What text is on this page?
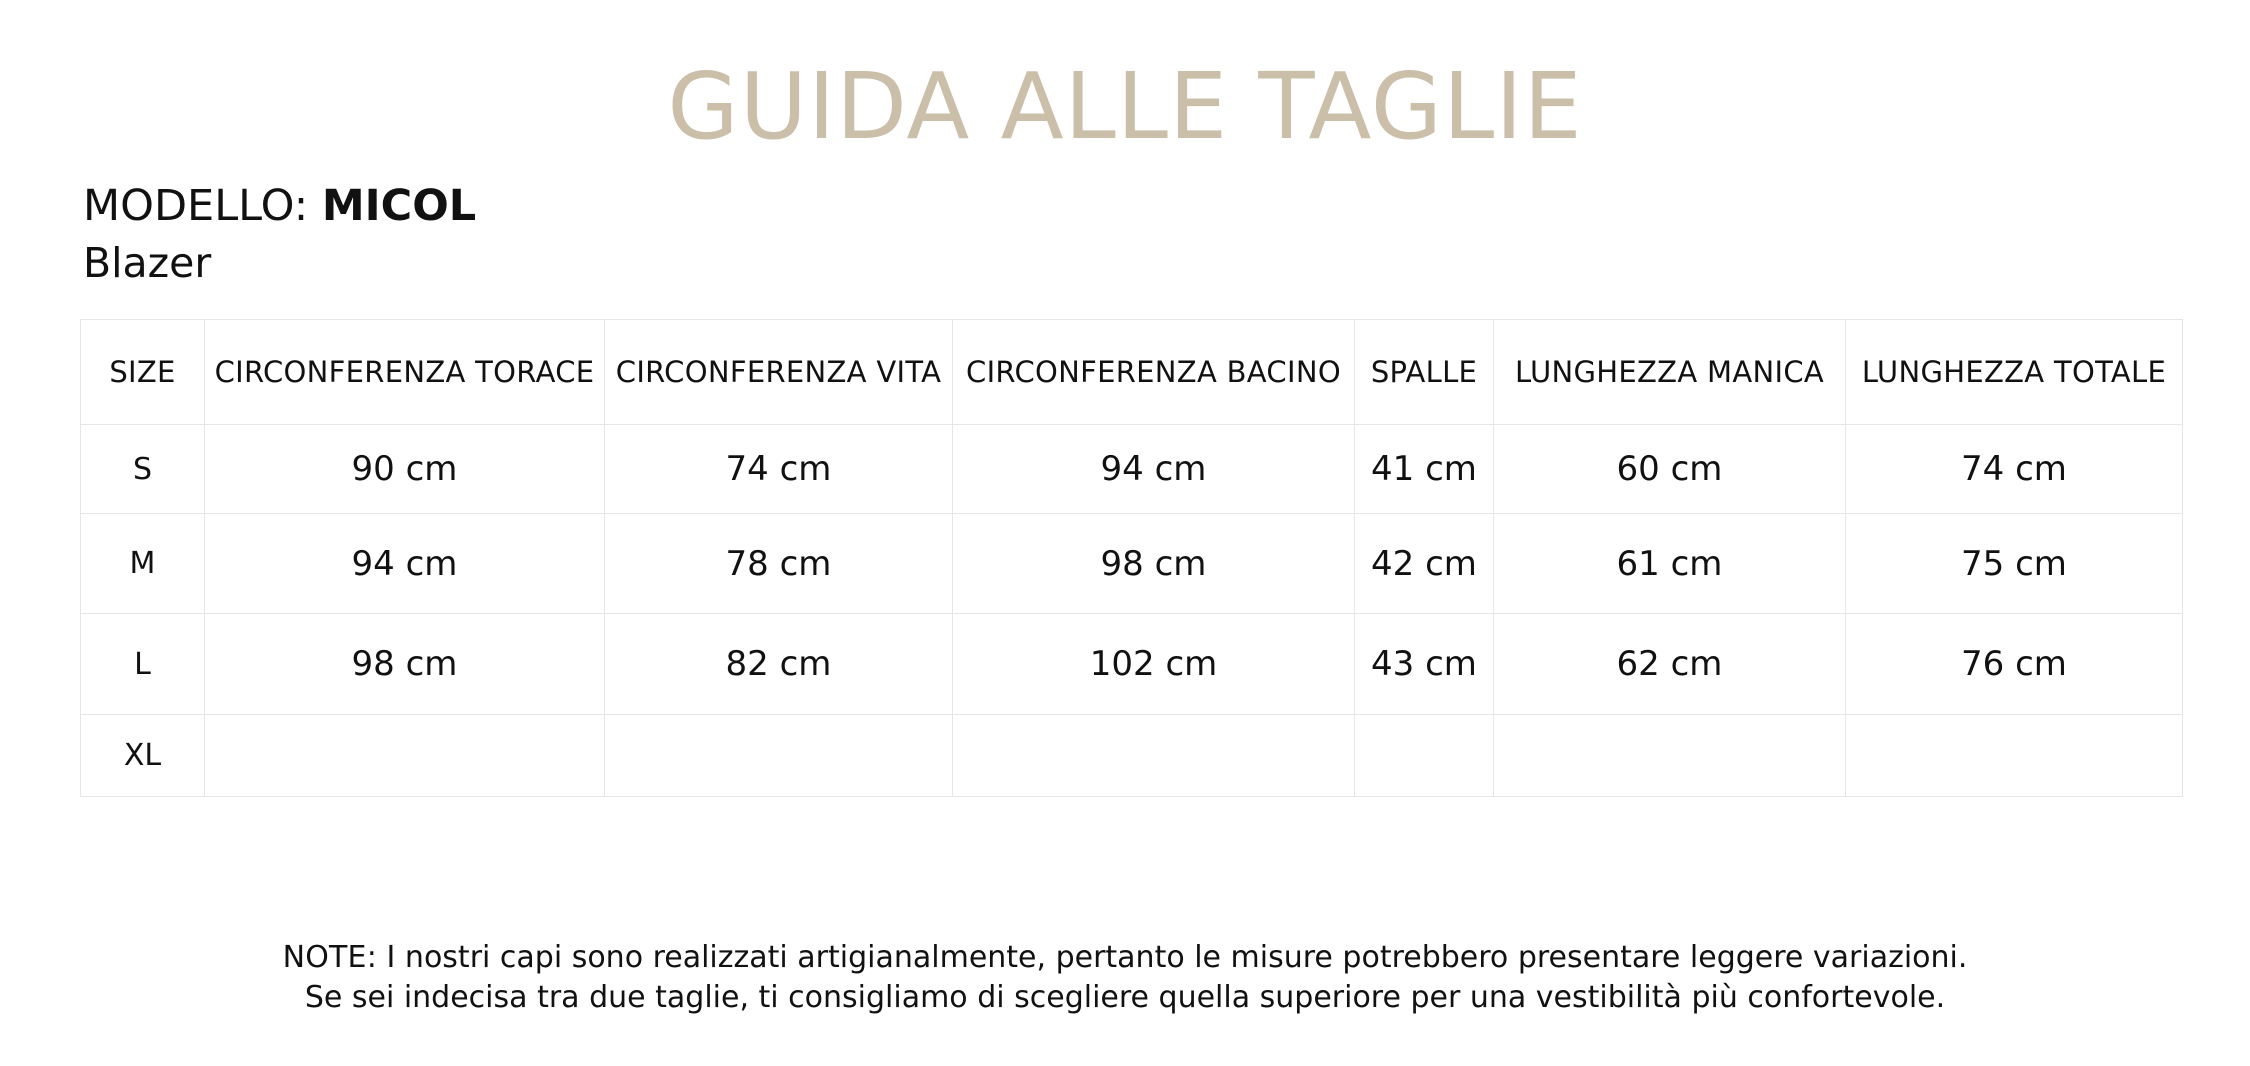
GUIDA ALLE TAGLIE
MODELLO: MICOL
Blazer
SIZE	CIRCONFERENZA TORACE	CIRCONFERENZA VITA	CIRCONFERENZA BACINO	SPALLE	LUNGHEZZA MANICA	LUNGHEZZA TOTALE
S	90 cm	74 cm	94 cm	41 cm	60 cm	74 cm
M	94 cm	78 cm	98 cm	42 cm	61 cm	75 cm
L	98 cm	82 cm	102 cm	43 cm	62 cm	76 cm
XL						
NOTE: I nostri capi sono realizzati artigianalmente, pertanto le misure potrebbero presentare leggere variazioni.
Se sei indecisa tra due taglie, ti consigliamo di scegliere quella superiore per una vestibilità più confortevole.
